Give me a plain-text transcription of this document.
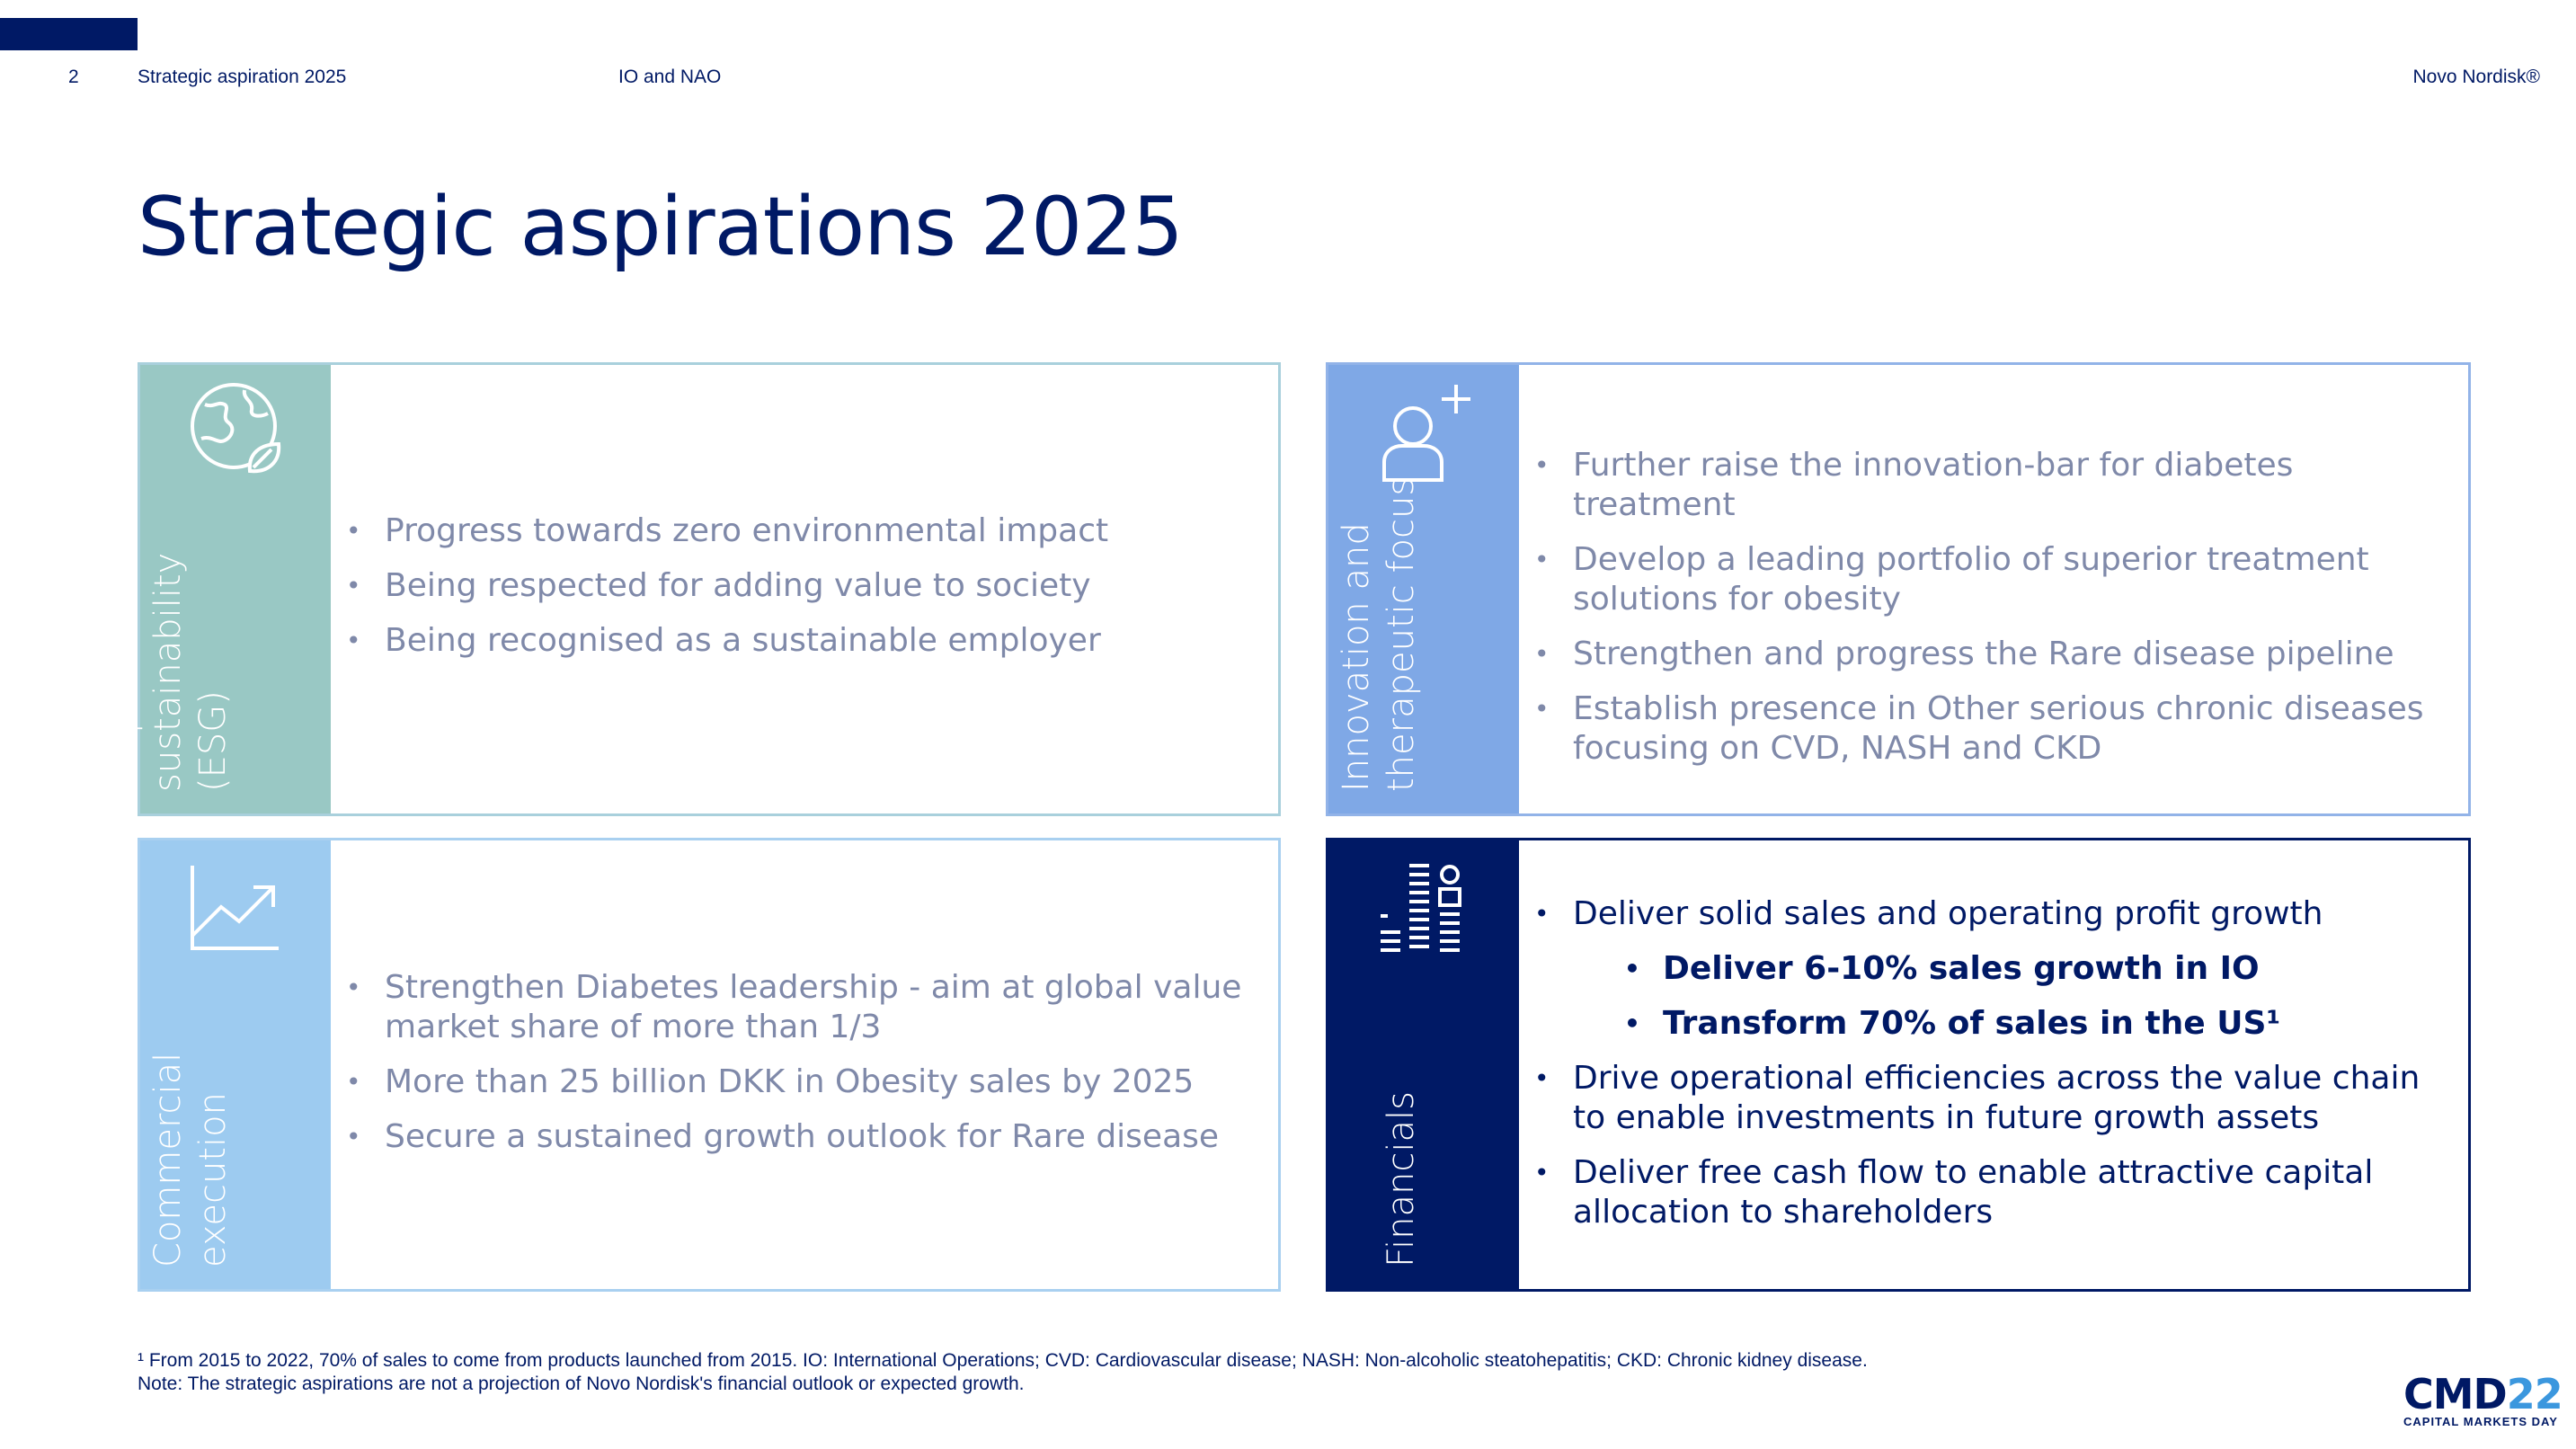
2	Strategic aspiration 2025	IO and NAO	Novo Nordisk®
Strategic aspirations 2025
Purpose and
sustainability
(ESG)
• Progress towards zero environmental impact
• Being respected for adding value to society
• Being recognised as a sustainable employer	Innovation and
therapeutic focus
• Further raise the innovation-bar for diabetes treatment
• Develop a leading portfolio of superior treatment solutions for obesity
• Strengthen and progress the Rare disease pipeline
• Establish presence in Other serious chronic diseases focusing on CVD, NASH and CKD
Commercial
execution
• Strengthen Diabetes leadership - aim at global value market share of more than 1/3
• More than 25 billion DKK in Obesity sales by 2025
• Secure a sustained growth outlook for Rare disease	Financials
• Deliver solid sales and operating profit growth
• Deliver 6-10% sales growth in IO
• Transform 70% of sales in the US¹
• Drive operational efficiencies across the value chain to enable investments in future growth assets
• Deliver free cash flow to enable attractive capital allocation to shareholders
¹ From 2015 to 2022, 70% of sales to come from products launched from 2015. IO: International Operations; CVD: Cardiovascular disease; NASH: Non-alcoholic steatohepatitis; CKD: Chronic kidney disease.
Note: The strategic aspirations are not a projection of Novo Nordisk's financial outlook or expected growth.	CMD22
CAPITAL MARKETS DAY
